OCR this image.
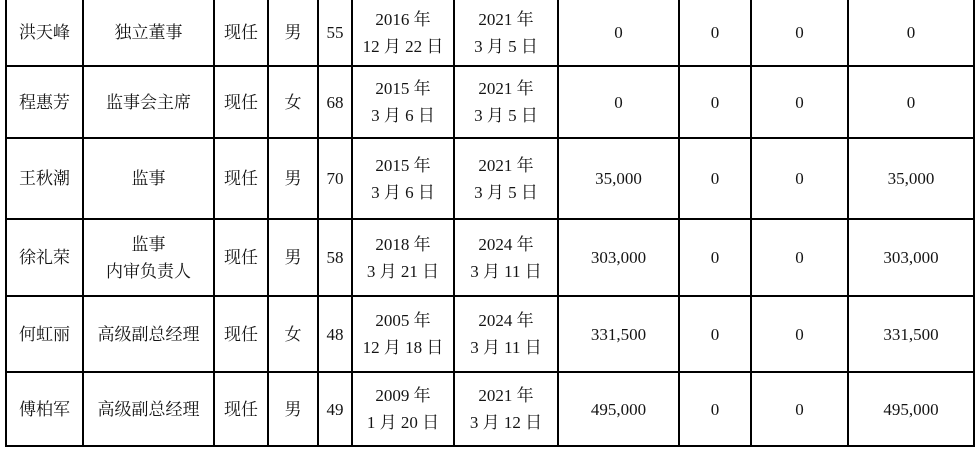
洪天峰	独立董事	现任	男	55	2016 年
12 月 22 日	2021 年
3 月 5 日	0	0	0	0
程惠芳	监事会主席	现任	女	68	2015 年
3 月 6 日	2021 年
3 月 5 日	0	0	0	0
王秋潮	监事	现任	男	70	2015 年
3 月 6 日	2021 年
3 月 5 日	35,000	0	0	35,000
徐礼荣	监事
内审负责人	现任	男	58	2018 年
3 月 21 日	2024 年
3 月 11 日	303,000	0	0	303,000
何虹丽	高级副总经理	现任	女	48	2005 年
12 月 18 日	2024 年
3 月 11 日	331,500	0	0	331,500
傅柏军	高级副总经理	现任	男	49	2009 年
1 月 20 日	2021 年
3 月 12 日	495,000	0	0	495,000
